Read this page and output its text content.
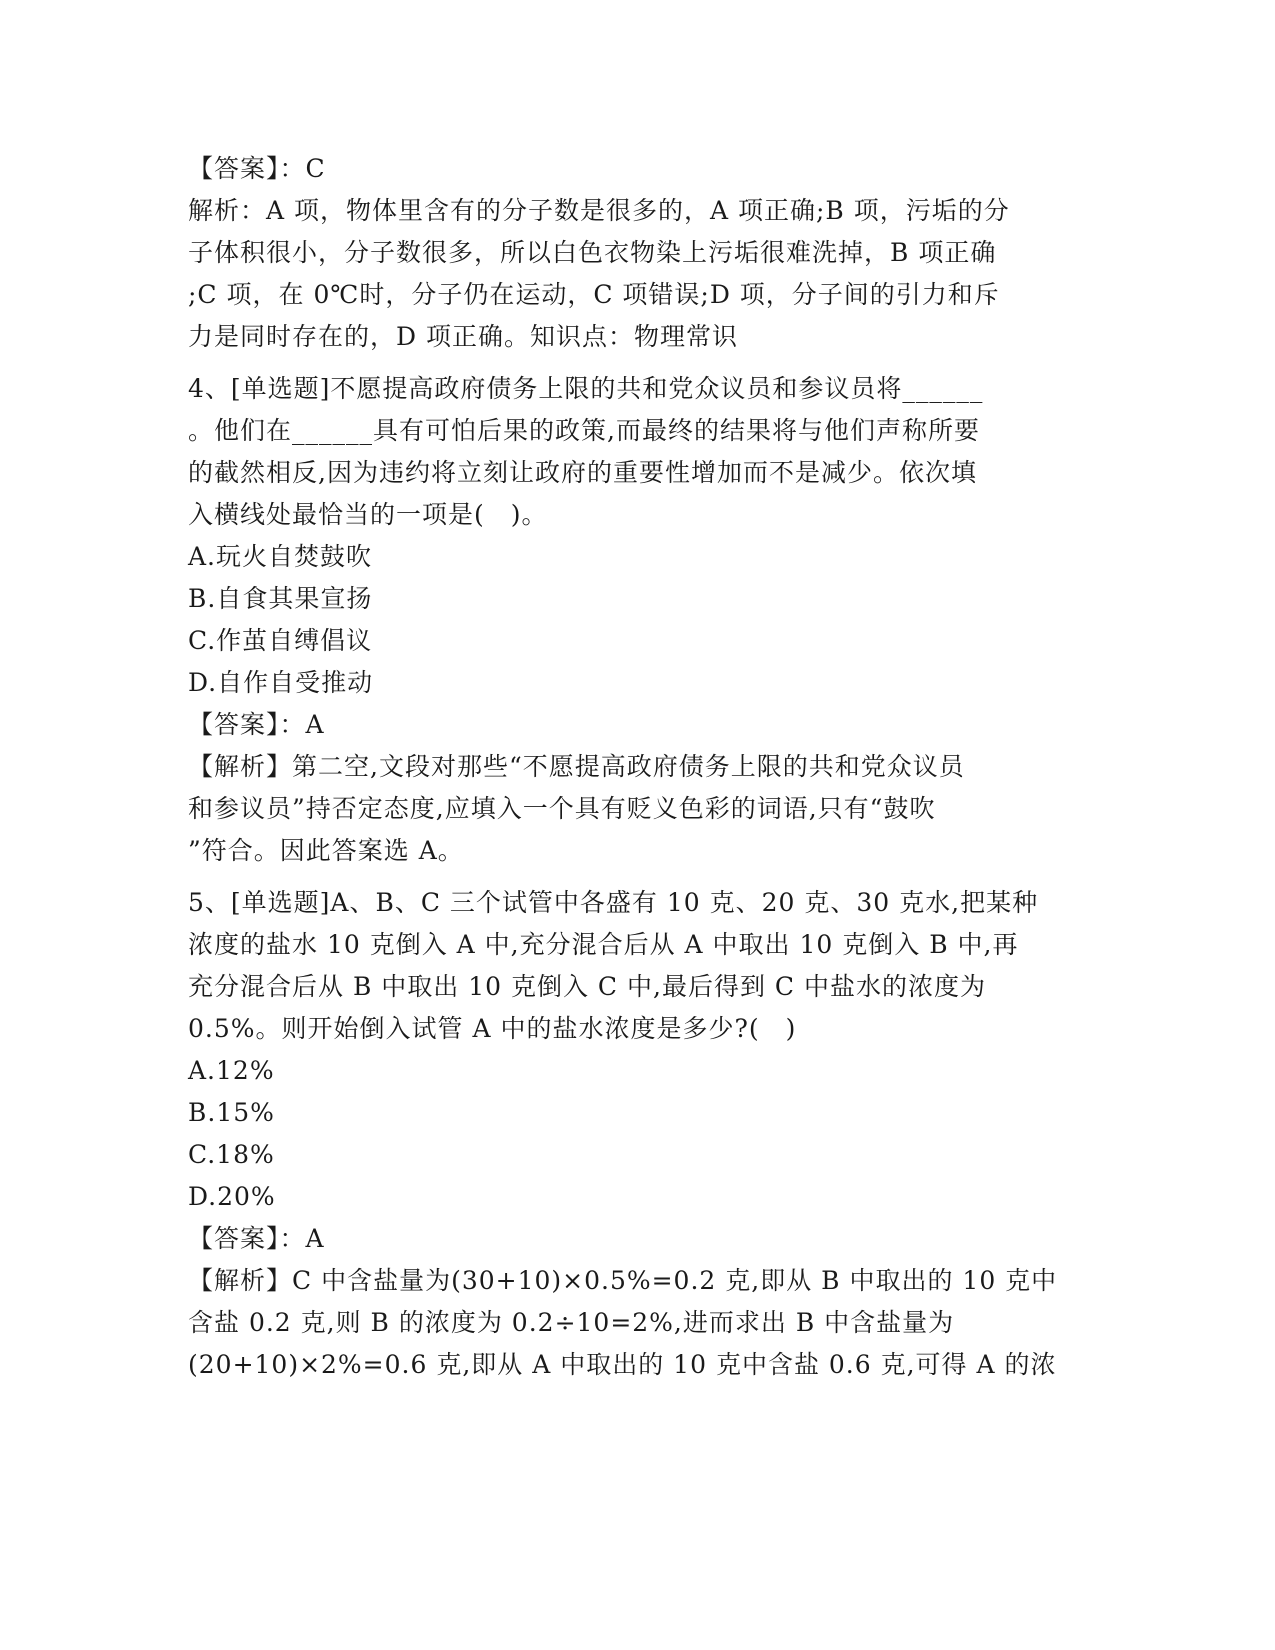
【答案】：C
解析：A 项，物体里含有的分子数是很多的，A 项正确;B 项，污垢的分
子体积很小，分子数很多，所以白色衣物染上污垢很难洗掉，B 项正确
;C 项，在 0℃时，分子仍在运动，C 项错误;D 项，分子间的引力和斥
力是同时存在的，D 项正确。知识点：物理常识
4、[单选题]不愿提高政府债务上限的共和党众议员和参议员将______
。他们在______具有可怕后果的政策,而最终的结果将与他们声称所要
的截然相反,因为违约将立刻让政府的重要性增加而不是减少。依次填
入横线处最恰当的一项是(　)。
A.玩火自焚鼓吹
B.自食其果宣扬
C.作茧自缚倡议
D.自作自受推动
【答案】：A
【解析】第二空,文段对那些“不愿提高政府债务上限的共和党众议员
和参议员”持否定态度,应填入一个具有贬义色彩的词语,只有“鼓吹
”符合。因此答案选 A。
5、[单选题]A、B、C 三个试管中各盛有 10 克、20 克、30 克水,把某种
浓度的盐水 10 克倒入 A 中,充分混合后从 A 中取出 10 克倒入 B 中,再
充分混合后从 B 中取出 10 克倒入 C 中,最后得到 C 中盐水的浓度为
0.5%。则开始倒入试管 A 中的盐水浓度是多少?(　)
A.12%
B.15%
C.18%
D.20%
【答案】：A
【解析】C 中含盐量为(30+10)×0.5%=0.2 克,即从 B 中取出的 10 克中
含盐 0.2 克,则 B 的浓度为 0.2÷10=2%,进而求出 B 中含盐量为
(20+10)×2%=0.6 克,即从 A 中取出的 10 克中含盐 0.6 克,可得 A 的浓
